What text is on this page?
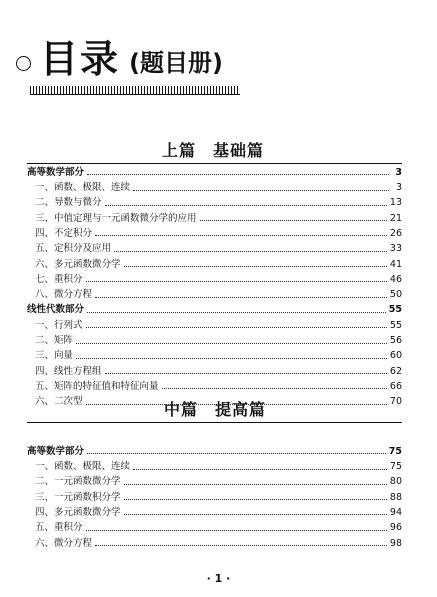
目录 (题目册)
上篇　基础篇
高等数学部分	3
一、函数、极限、连续	3
二、导数与微分	13
三、中值定理与一元函数微分学的应用	21
四、不定积分	26
五、定积分及应用	33
六、多元函数微分学	41
七、重积分	46
八、微分方程	50
线性代数部分	55
一、行列式	55
二、矩阵	56
三、向量	60
四、线性方程组	62
五、矩阵的特征值和特征向量	66
六、二次型	70
中篇　提高篇
高等数学部分	75
一、函数、极限、连续	75
二、一元函数微分学	80
三、一元函数积分学	88
四、多元函数微分学	94
五、重积分	96
六、微分方程	98
· 1 ·
